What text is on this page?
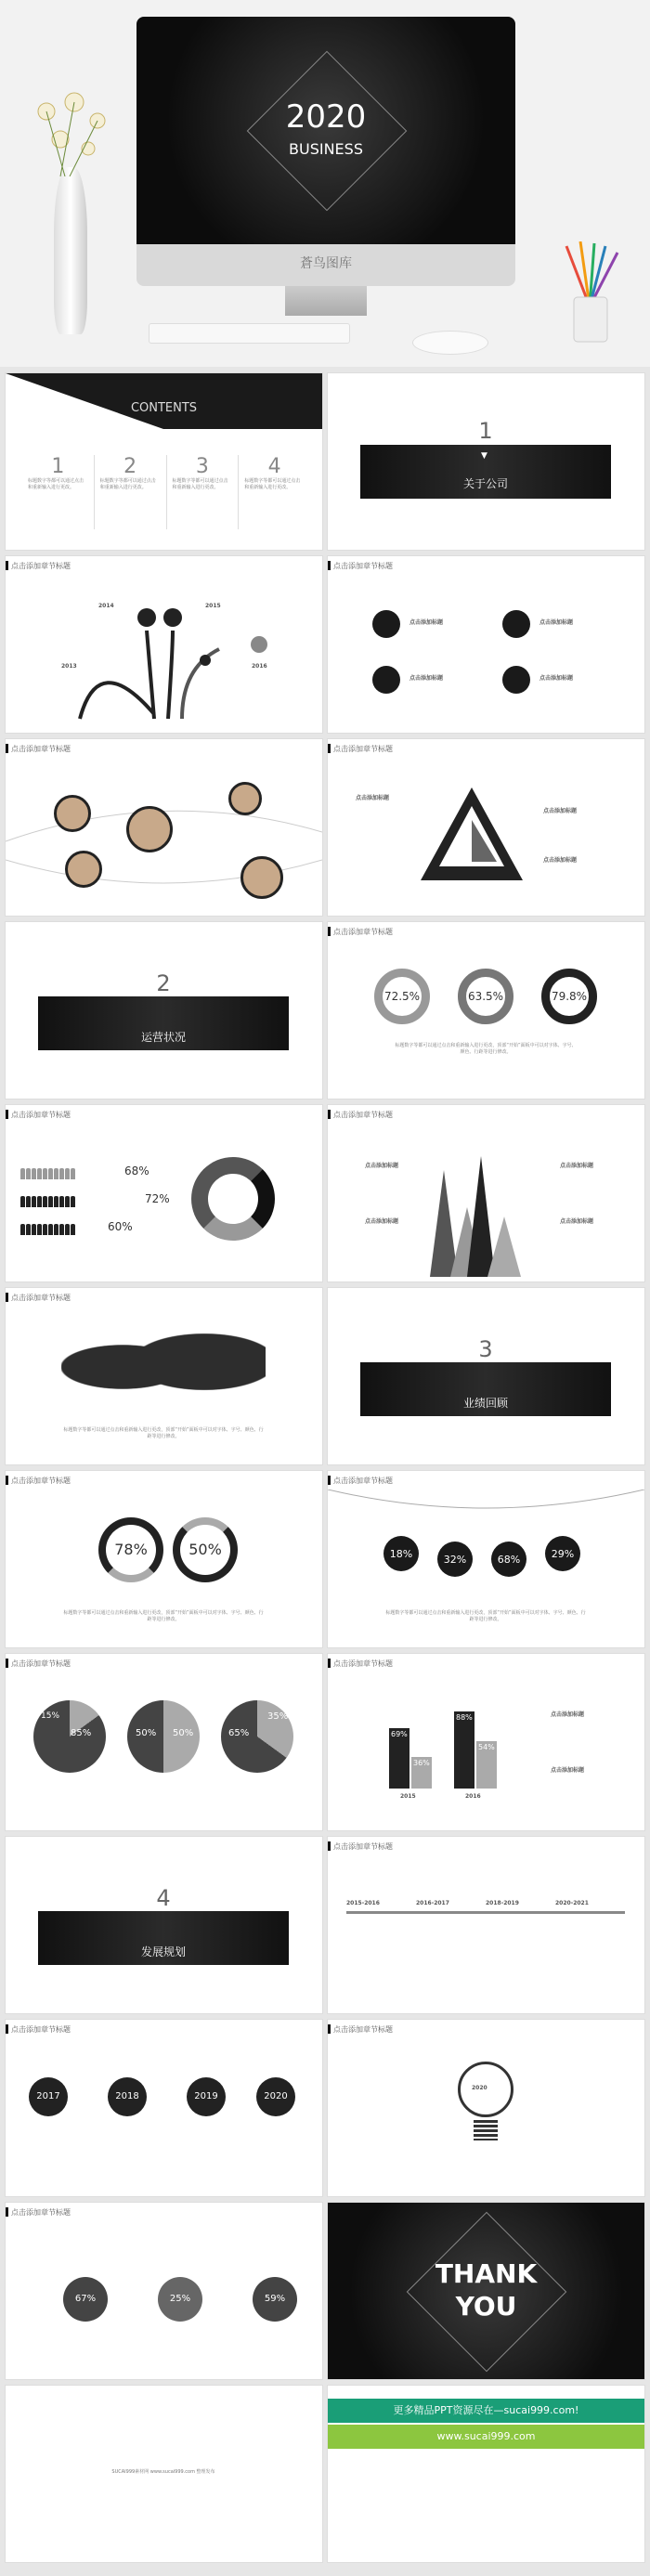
2020
BUSINESS
蒼鸟图库
CONTENTS
1
标题数字等都可以通过点击和重新输入进行更改。
2
标题数字等都可以通过点击和重新输入进行更改。
3
标题数字等都可以通过点击和重新输入进行更改。
4
标题数字等都可以通过点击和重新输入进行更改。
1
▼
关于公司
点击添加章节标题
2014	2015
2013	2016
点击添加章节标题
点击添加标题	点击添加标题
点击添加标题	点击添加标题
点击添加章节标题	点击添加章节标题
点击添加标题
点击添加标题
点击添加标题
2
运营状况
点击添加章节标题
72.5%	63.5%	79.8%
标题数字等都可以通过点击和重新输入进行更改，顶部“开始”面板中可以对字体、字号、颜色、行距等进行修改。
点击添加章节标题
68%
72%
60%
点击添加章节标题
点击添加标题	点击添加标题
点击添加标题	点击添加标题
点击添加章节标题
标题数字等都可以通过点击和重新输入进行更改，顶部“开始”面板中可以对字体、字号、颜色、行距等进行修改。
3
业绩回顾
点击添加章节标题
78%	50%
标题数字等都可以通过点击和重新输入进行更改，顶部“开始”面板中可以对字体、字号、颜色、行距等进行修改。
点击添加章节标题
18%	32%	68%	29%
标题数字等都可以通过点击和重新输入进行更改，顶部“开始”面板中可以对字体、字号、颜色、行距等进行修改。
点击添加章节标题
85%	50%	65%
15%
50%
35%
点击添加章节标题
69%
36%
88%
54%
2015	2016
点击添加标题
点击添加标题
4
发展规划
点击添加章节标题
2015-2016	2016-2017	2018-2019	2020-2021
点击添加章节标题
2017	2018	2019	2020
点击添加章节标题
2020
点击添加章节标题
67%	25%	59%
THANK
YOU
SUCAI999素材网 www.sucai999.com 整理发布
更多精品PPT资源尽在—sucai999.com!
www.sucai999.com
